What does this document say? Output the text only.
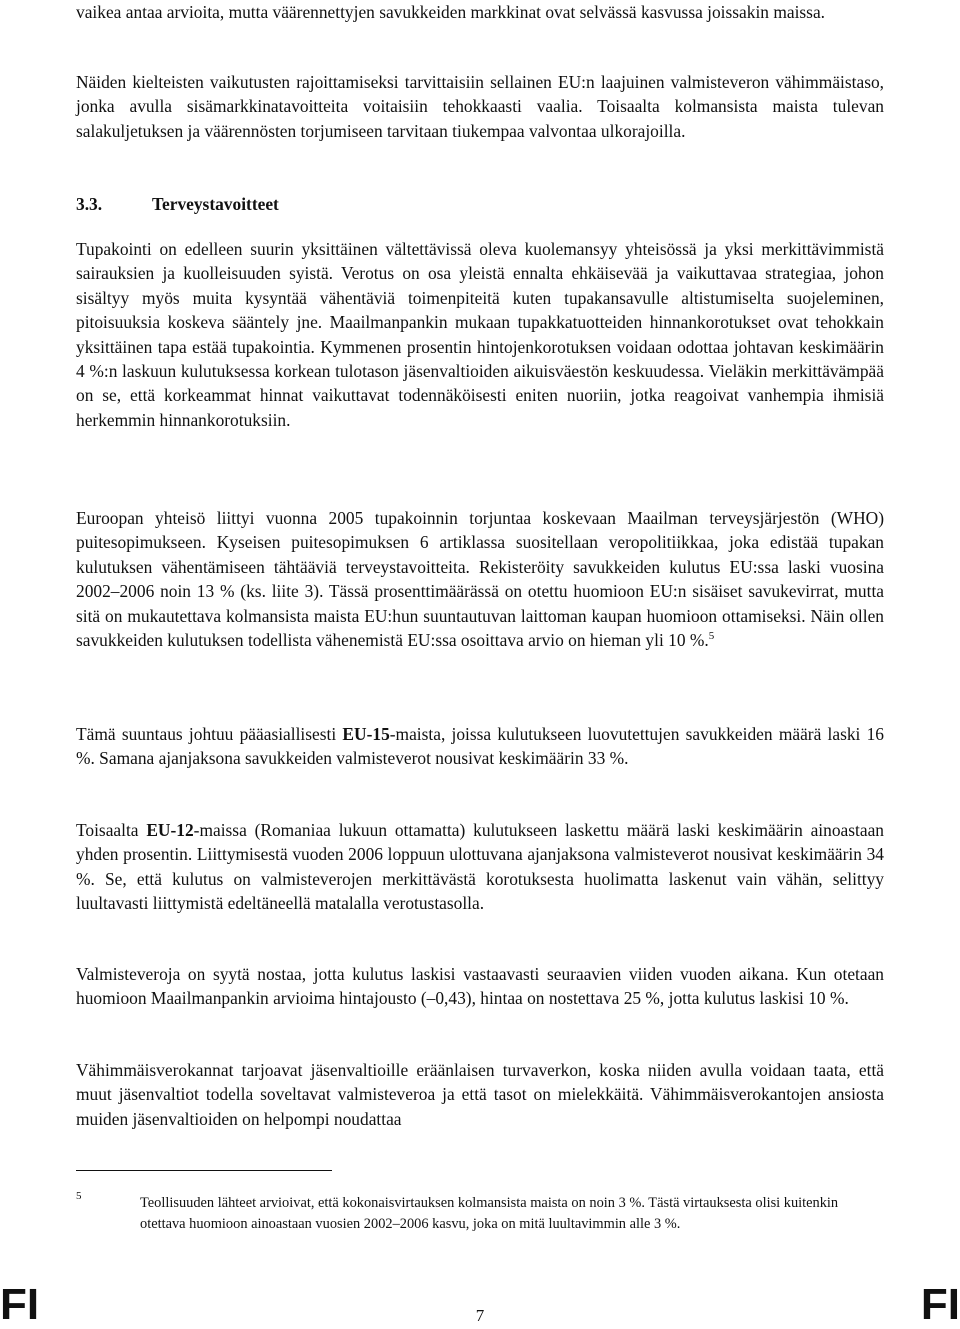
vaikea antaa arvioita, mutta väärennettyjen savukkeiden markkinat ovat selvässä kasvussa joissakin maissa.

Näiden kielteisten vaikutusten rajoittamiseksi tarvittaisiin sellainen EU:n laajuinen valmisteveron vähimmäistaso, jonka avulla sisämarkkinatavoitteita voitaisiin tehokkaasti vaalia. Toisaalta kolmansista maista tulevan salakuljetuksen ja väärennösten torjumiseen tarvitaan tiukempaa valvontaa ulkorajoilla.

3.3.	Terveystavoitteet

Tupakointi on edelleen suurin yksittäinen vältettävissä oleva kuolemansyy yhteisössä ja yksi merkittävimmistä sairauksien ja kuolleisuuden syistä. Verotus on osa yleistä ennalta ehkäisevää ja vaikuttavaa strategiaa, johon sisältyy myös muita kysyntää vähentäviä toimenpiteitä kuten tupakansavulle altistumiselta suojeleminen, pitoisuuksia koskeva sääntely jne. Maailmanpankin mukaan tupakkatuotteiden hinnankorotukset ovat tehokkain yksittäinen tapa estää tupakointia. Kymmenen prosentin hintojenkorotuksen voidaan odottaa johtavan keskimäärin 4 %:n laskuun kulutuksessa korkean tulotason jäsenvaltioiden aikuisväestön keskuudessa. Vieläkin merkittävämpää on se, että korkeammat hinnat vaikuttavat todennäköisesti eniten nuoriin, jotka reagoivat vanhempia ihmisiä herkemmin hinnankorotuksiin.

Euroopan yhteisö liittyi vuonna 2005 tupakoinnin torjuntaa koskevaan Maailman terveysjärjestön (WHO) puitesopimukseen. Kyseisen puitesopimuksen 6 artiklassa suositellaan veropolitiikkaa, joka edistää tupakan kulutuksen vähentämiseen tähtääviä terveystavoitteita. Rekisteröity savukkeiden kulutus EU:ssa laski vuosina 2002–2006 noin 13 % (ks. liite 3). Tässä prosenttimäärässä on otettu huomioon EU:n sisäiset savukevirrat, mutta sitä on mukautettava kolmansista maista EU:hun suuntautuvan laittoman kaupan huomioon ottamiseksi. Näin ollen savukkeiden kulutuksen todellista vähenemistä EU:ssa osoittava arvio on hieman yli 10 %.$^5$

Tämä suuntaus johtuu pääasiallisesti EU-15-maista, joissa kulutukseen luovutettujen savukkeiden määrä laski 16 %. Samana ajanjaksona savukkeiden valmisteverot nousivat keskimäärin 33 %.

Toisaalta EU-12-maissa (Romaniaa lukuun ottamatta) kulutukseen laskettu määrä laski keskimäärin ainoastaan yhden prosentin. Liittymisestä vuoden 2006 loppuun ulottuvana ajanjaksona valmisteverot nousivat keskimäärin 34 %. Se, että kulutus on valmisteverojen merkittävästä korotuksesta huolimatta laskenut vain vähän, selittyy luultavasti liittymistä edeltäneellä matalalla verotustasolla.

Valmisteveroja on syytä nostaa, jotta kulutus laskisi vastaavasti seuraavien viiden vuoden aikana. Kun otetaan huomioon Maailmanpankin arvioima hintajousto (–0,43), hintaa on nostettava 25 %, jotta kulutus laskisi 10 %.

Vähimmäisverokannat tarjoavat jäsenvaltioille eräänlaisen turvaverkon, koska niiden avulla voidaan taata, että muut jäsenvaltiot todella soveltavat valmisteveroa ja että tasot on mielekkäitä. Vähimmäisverokantojen ansiosta muiden jäsenvaltioiden on helpompi noudattaa

5	Teollisuuden lähteet arvioivat, että kokonaisvirtauksen kolmansista maista on noin 3 %. Tästä virtauksesta olisi kuitenkin otettava huomioon ainoastaan vuosien 2002–2006 kasvu, joka on mitä luultavimmin alle 3 %.
FI	7	FI
